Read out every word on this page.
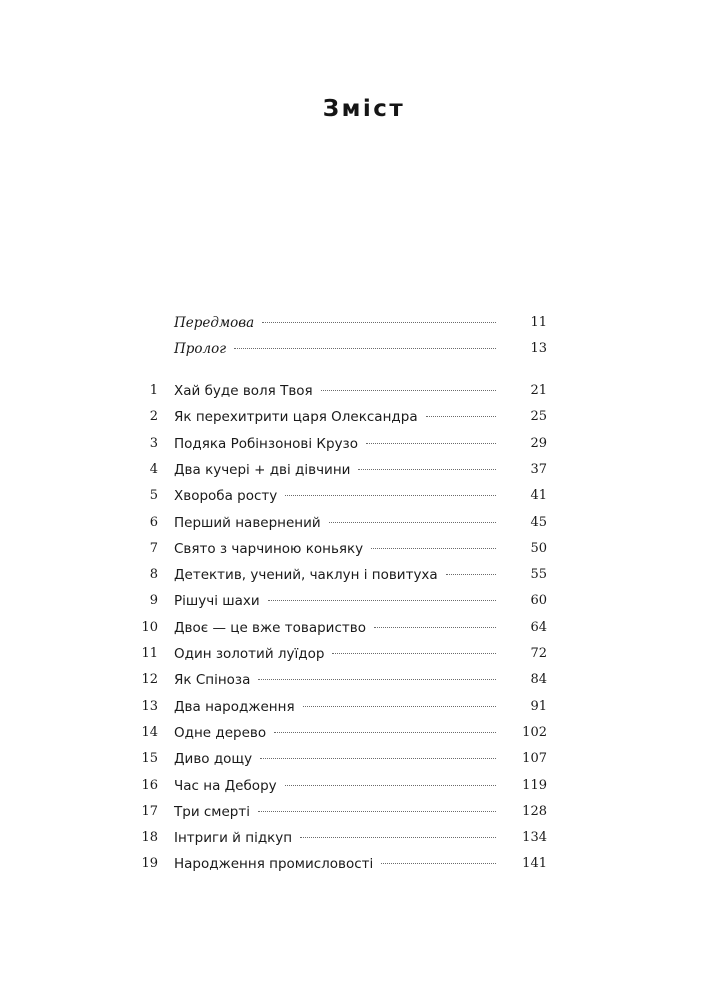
Зміст
Передмова	11
Пролог	13
1 Хай буде воля Твоя	21
2 Як перехитрити царя Олександра	25
3 Подяка Робінзонові Крузо	29
4 Два кучері + дві дівчини	37
5 Хвороба росту	41
6 Перший навернений	45
7 Свято з чарчиною коньяку	50
8 Детектив, учений, чаклун і повитуха	55
9 Рішучі шахи	60
10 Двоє — це вже товариство	64
11 Один золотий луїдор	72
12 Як Спіноза	84
13 Два народження	91
14 Одне дерево	102
15 Диво дощу	107
16 Час на Дебору	119
17 Три смерті	128
18 Інтриги й підкуп	134
19 Народження промисловості	141
